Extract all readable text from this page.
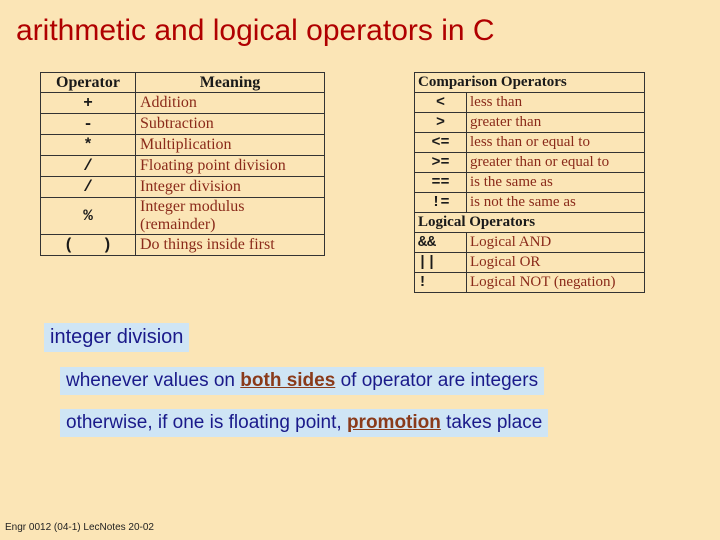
arithmetic and logical operators in C
Operator	Meaning
+	Addition
-	Subtraction
*	Multiplication
/	Floating point division
/	Integer division
%	Integer modulus
(remainder)
(   )	Do things inside first
Comparison Operators	
<	less than
>	greater than
<=	less than or equal to
>=	greater than or equal to
==	is the same as
!=	is not the same as
Logical Operators	
&&	Logical AND
||	Logical OR
!	Logical NOT (negation)
integer division
whenever values on both sides of operator are integers
otherwise, if one is floating point, promotion takes place
Engr 0012 (04-1) LecNotes 20-02
